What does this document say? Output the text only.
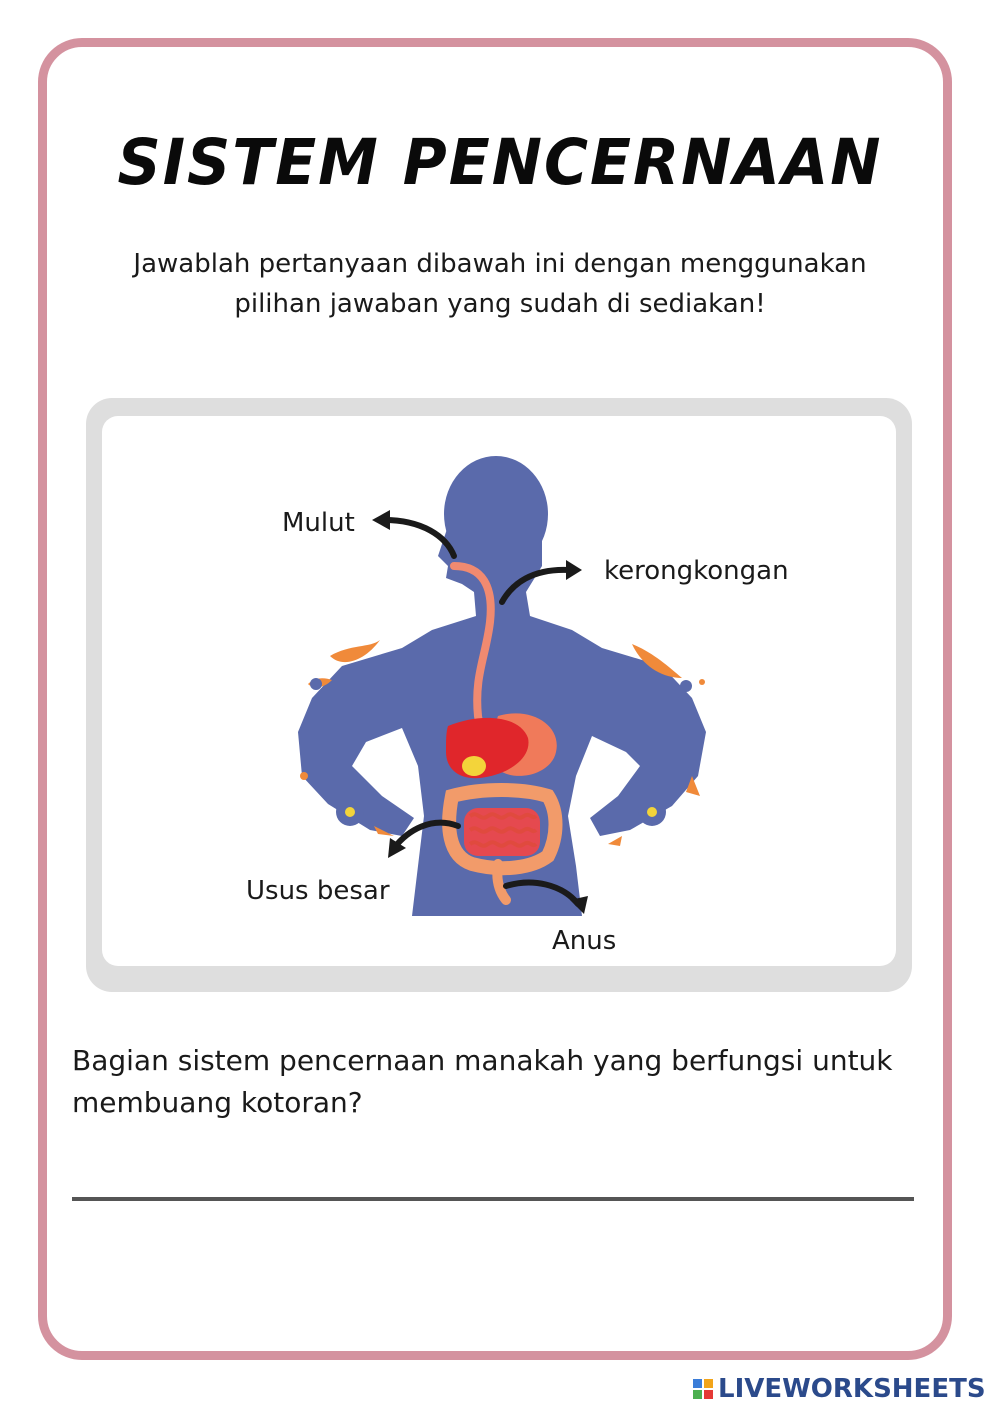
SISTEM PENCERNAAN
Jawablah pertanyaan dibawah ini dengan menggunakan
pilihan jawaban yang sudah di sediakan!
Mulut
kerongkongan
Usus besar
Anus
Bagian sistem pencernaan manakah yang berfungsi untuk
membuang kotoran?
LIVEWORKSHEETS
